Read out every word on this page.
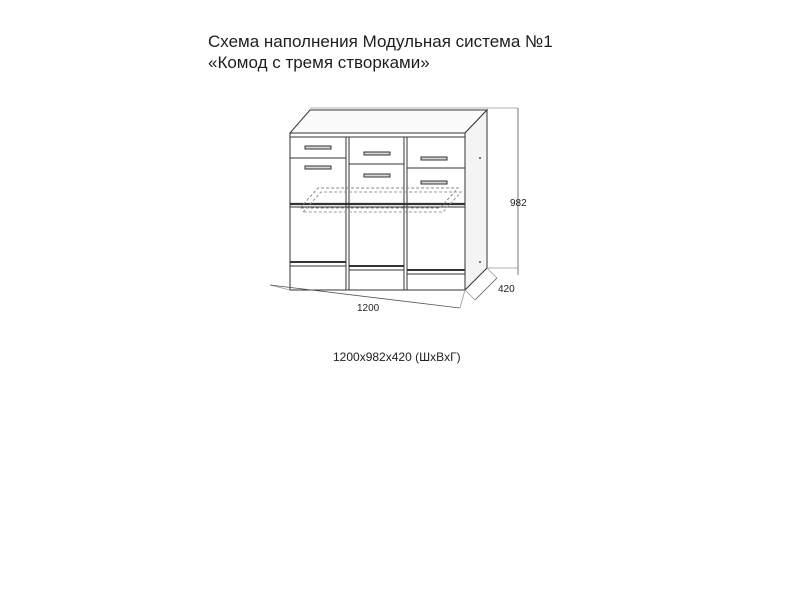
Схема наполнения Модульная система №1
«Комод с тремя створками»
982
420
1200
1200x982x420 (ШxВxГ)
